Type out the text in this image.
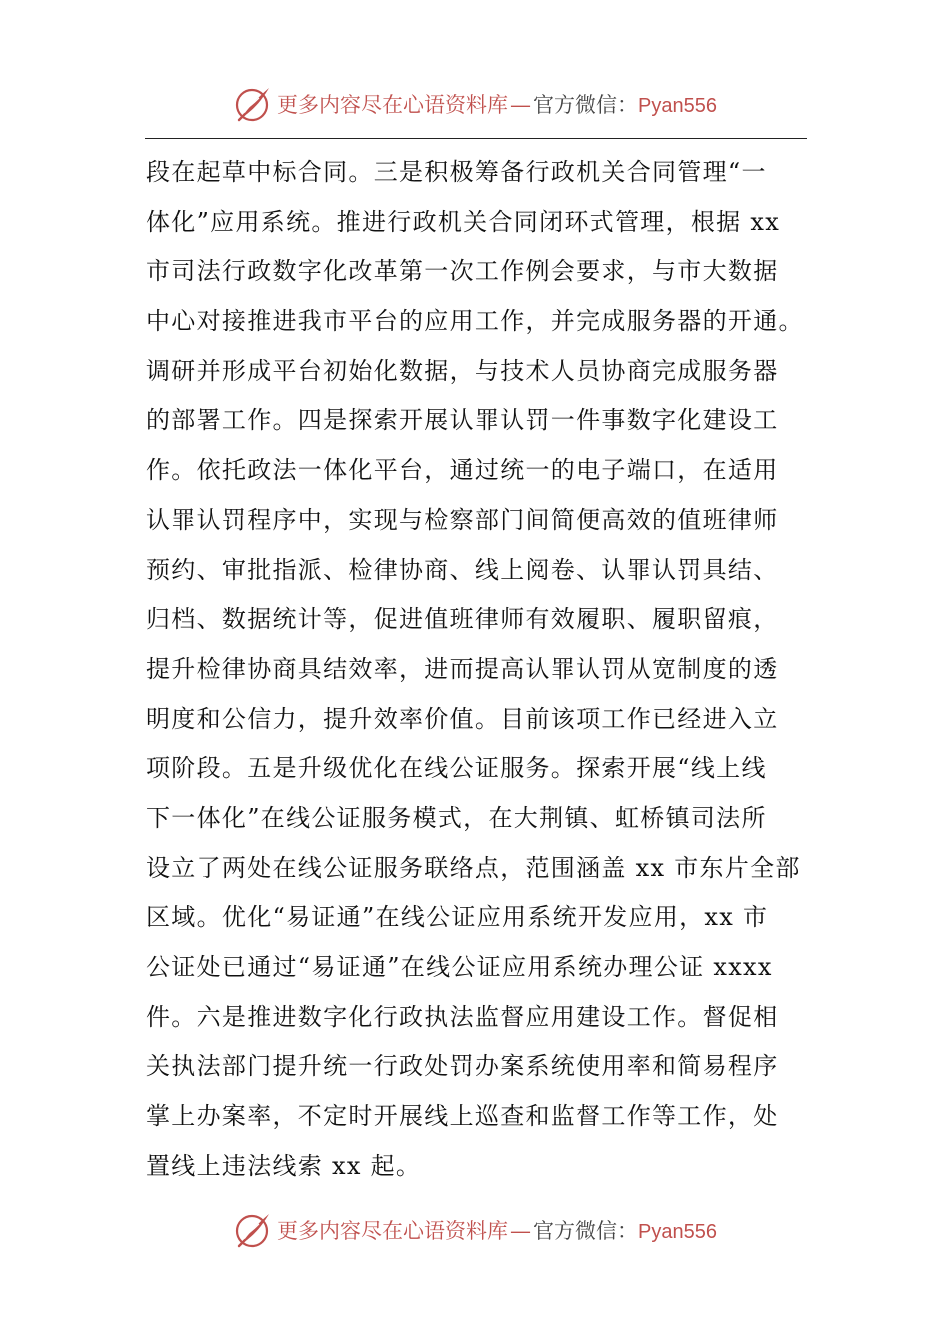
更多内容尽在心语资料库 — 官方微信： Pyan556
段在起草中标合同。三是积极筹备行政机关合同管理“一
体化”应用系统。推进行政机关合同闭环式管理，根据 xx
市司法行政数字化改革第一次工作例会要求，与市大数据
中心对接推进我市平台的应用工作，并完成服务器的开通。
调研并形成平台初始化数据，与技术人员协商完成服务器
的部署工作。四是探索开展认罪认罚一件事数字化建设工
作。依托政法一体化平台，通过统一的电子端口，在适用
认罪认罚程序中，实现与检察部门间简便高效的值班律师
预约、审批指派、检律协商、线上阅卷、认罪认罚具结、
归档、数据统计等，促进值班律师有效履职、履职留痕，
提升检律协商具结效率，进而提高认罪认罚从宽制度的透
明度和公信力，提升效率价值。目前该项工作已经进入立
项阶段。五是升级优化在线公证服务。探索开展“线上线
下一体化”在线公证服务模式，在大荆镇、虹桥镇司法所
设立了两处在线公证服务联络点，范围涵盖 xx 市东片全部
区域。优化“易证通”在线公证应用系统开发应用，xx 市
公证处已通过“易证通”在线公证应用系统办理公证 xxxx
件。六是推进数字化行政执法监督应用建设工作。督促相
关执法部门提升统一行政处罚办案系统使用率和简易程序
掌上办案率，不定时开展线上巡查和监督工作等工作，处
置线上违法线索 xx 起。
更多内容尽在心语资料库 — 官方微信： Pyan556
